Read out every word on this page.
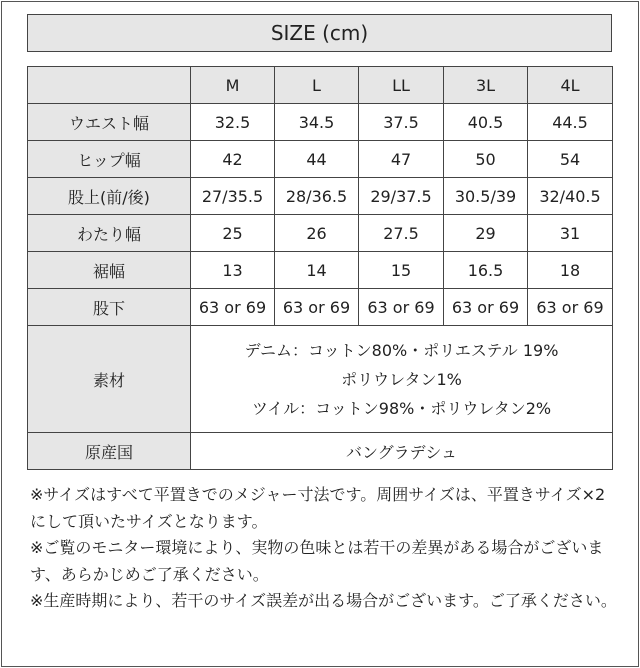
SIZE (cm)
	M	L	LL	3L	4L
ウエスト幅	32.5	34.5	37.5	40.5	44.5
ヒップ幅	42	44	47	50	54
股上(前/後)	27/35.5	28/36.5	29/37.5	30.5/39	32/40.5
わたり幅	25	26	27.5	29	31
裾幅	13	14	15	16.5	18
股下	63 or 69	63 or 69	63 or 69	63 or 69	63 or 69
素材	デニム：コットン80%・ポリエステル 19%
ポリウレタン1%
ツイル：コットン98%・ポリウレタン2%				

原産国	バングラデシュ				

※サイズはすべて平置きでのメジャー寸法です。周囲サイズは、平置きサイズ×2にして頂いたサイズとなります。

※ご覧のモニター環境により、実物の色味とは若干の差異がある場合がございます、あらかじめご了承ください。

※生産時期により、若干のサイズ誤差が出る場合がございます。ご了承ください。
